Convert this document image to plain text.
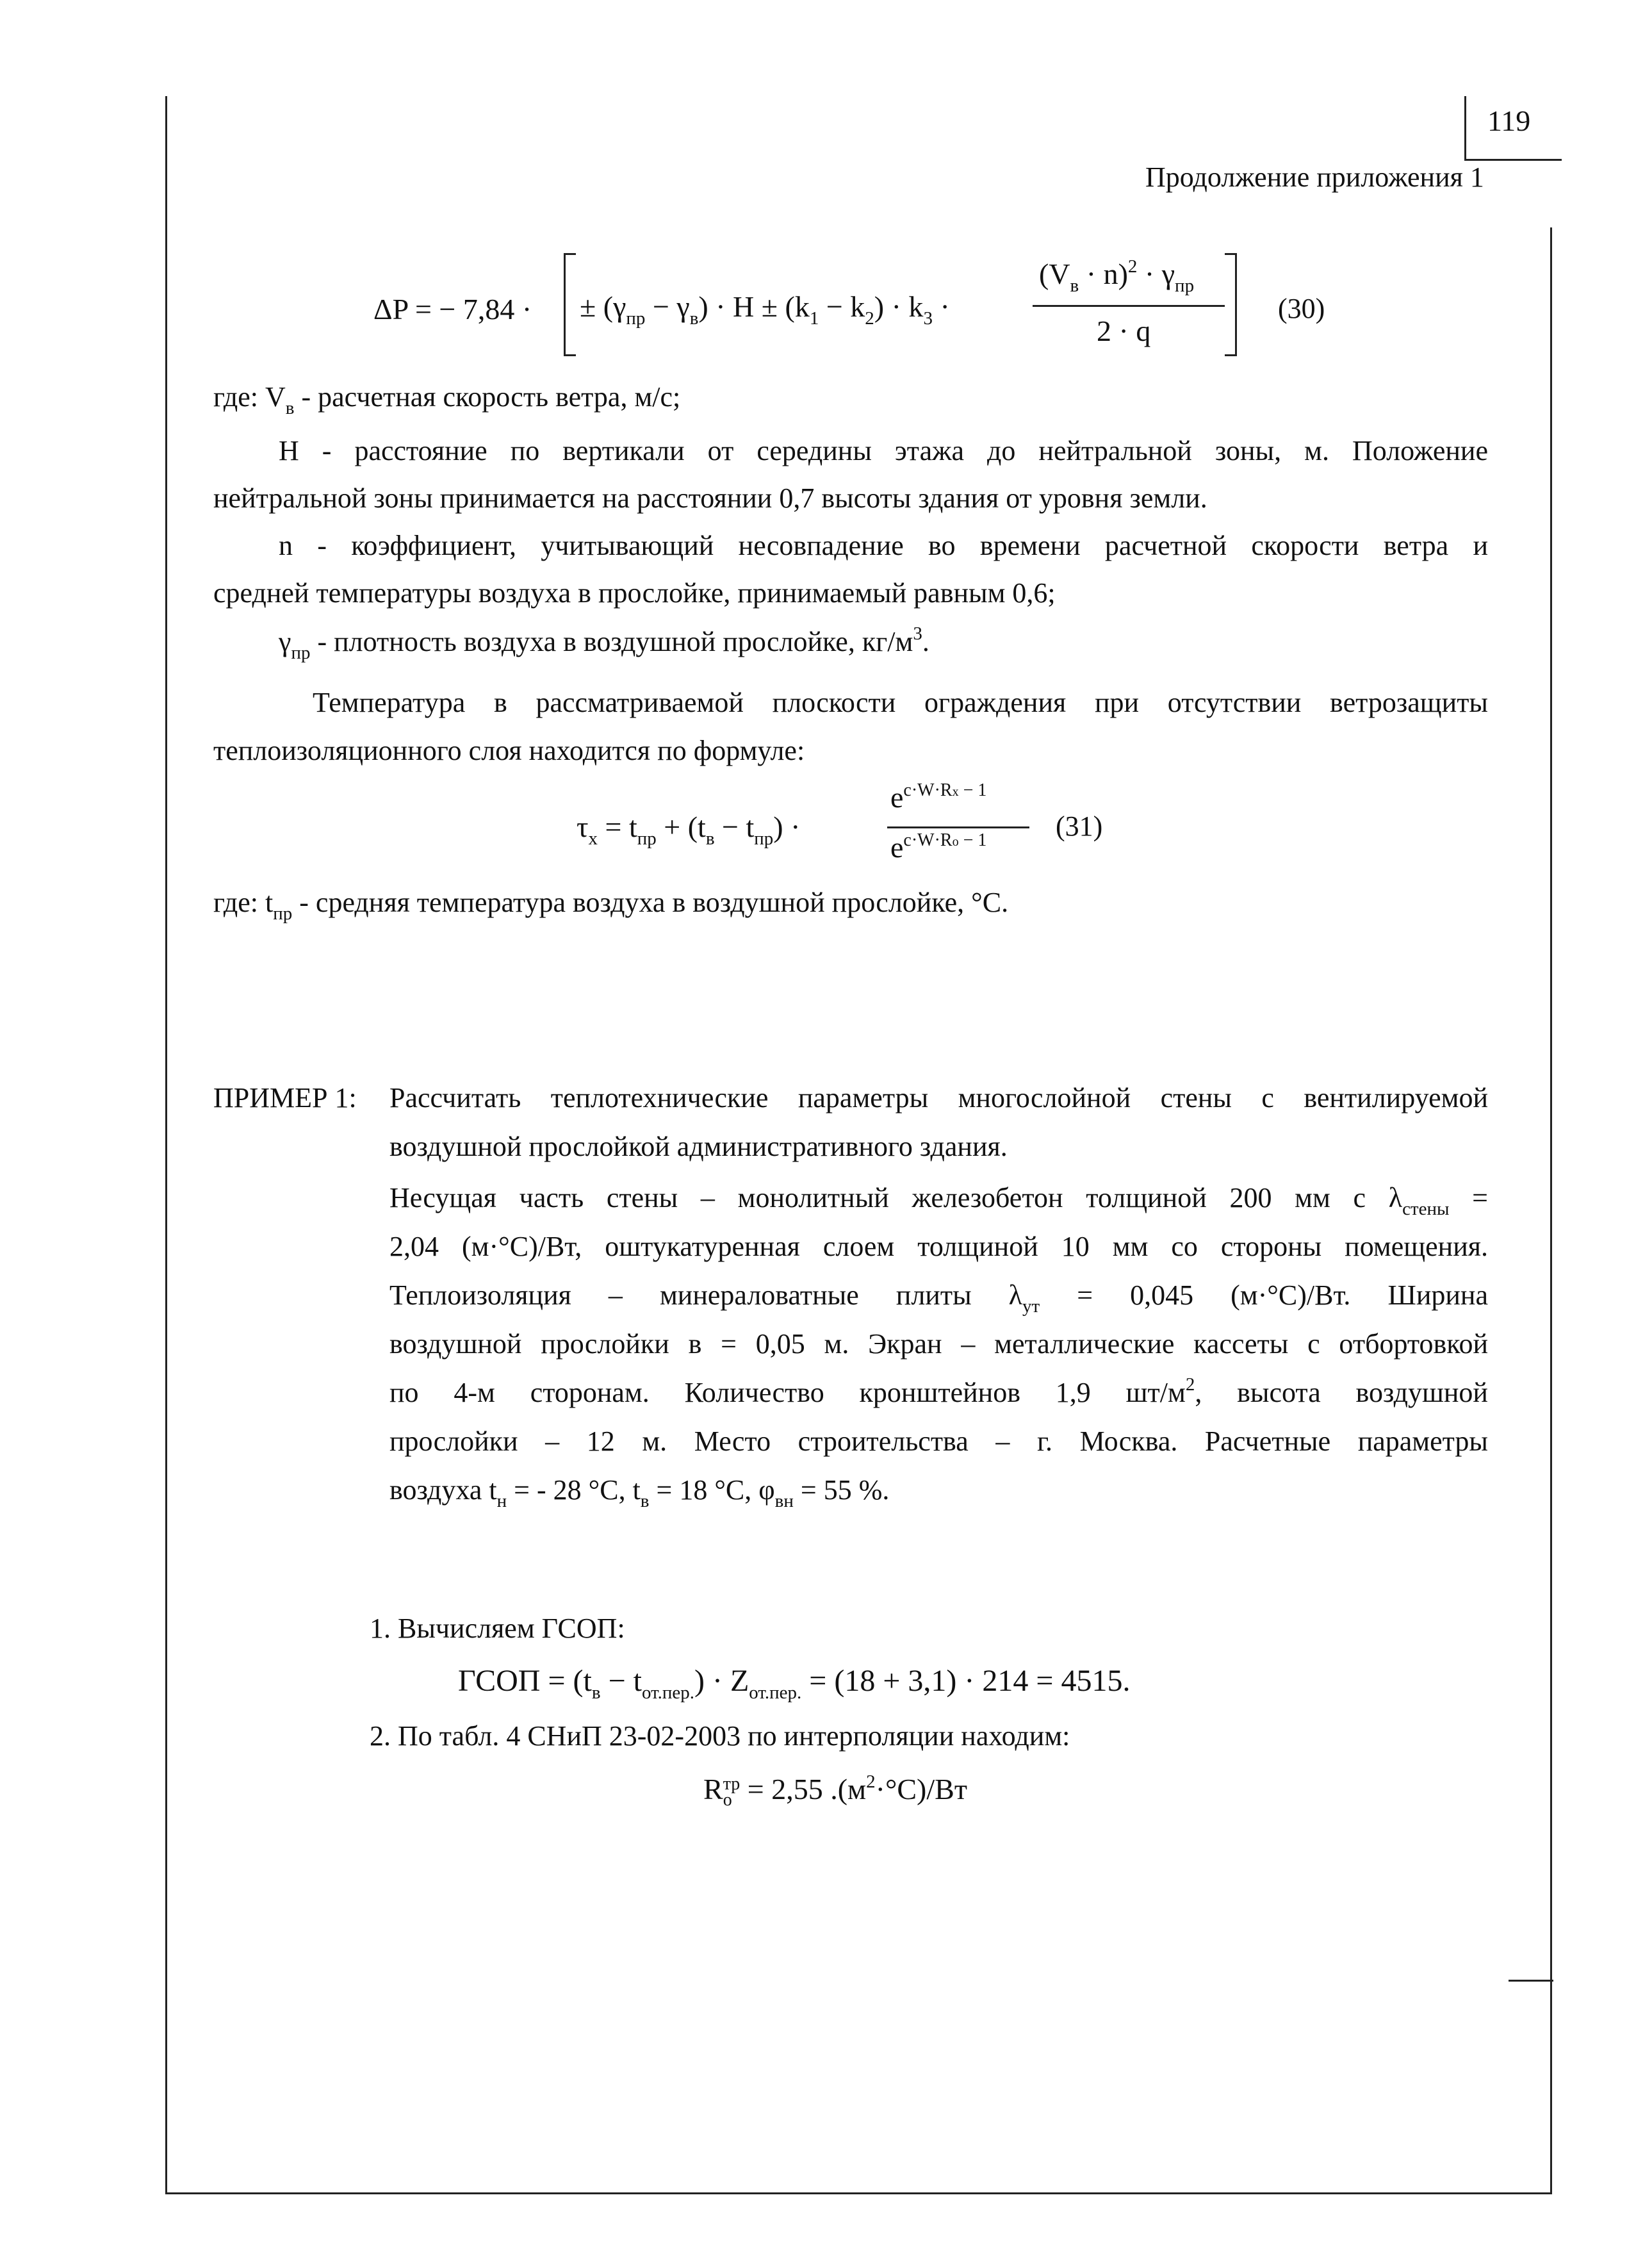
119
Продолжение приложения 1
ΔP = − 7,84 · ± $(\gamma_{пр} - \gamma_в) \cdot H \pm (k_1 - k_2) \cdot k_3$ ·
$(V_в \cdot n)^2 \cdot \gamma_{пр}$
2 · q
(30)
где: $V_в$ - расчетная скорость ветра, м/с;
H - расстояние по вертикали от середины этажа до нейтральной зоны, м. Положение
нейтральной зоны принимается на расстоянии 0,7 высоты здания от уровня земли.
n - коэффициент, учитывающий несовпадение во времени расчетной скорости ветра и
средней температуры воздуха в прослойке, принимаемый равным 0,6;
$\gamma_{пр}$ - плотность воздуха в воздушной прослойке, $кг/м^3$.
Температура в рассматриваемой плоскости ограждения при отсутствии ветрозащиты
теплоизоляционного слоя находится по формуле:
$\tau_x = t_{пр} + (t_в - t_{пр})$ ·
$e^{c\cdot W\cdot Rx - 1}$
$e^{c\cdot W\cdot Ro - 1}$ (31)
где: $t_{пр}$ - средняя температура воздуха в воздушной прослойке, °С.
ПРИМЕР 1: Рассчитать теплотехнические параметры многослойной стены с вентилируемой
воздушной прослойкой административного здания.
Несущая часть стены – монолитный железобетон толщиной 200 мм с $\lambda_{стены}$ =
2,04 (м·°С)/Вт, оштукатуренная слоем толщиной 10 мм со стороны помещения.
Теплоизоляция – минераловатные плиты $\lambda_{ут} = 0,045$ (м·°С)/Вт. Ширина
воздушной прослойки в = 0,05 м. Экран – металлические кассеты с отбортовкой
по 4-м сторонам. Количество кронштейнов 1,9 $шт/м^2$, высота воздушной
прослойки – 12 м. Место строительства – г. Москва. Расчетные параметры
воздуха $t_н$ = - 28 °С, $t_в = 18$ °С, $\varphi_{вн} = 55$ %.
1. Вычисляем ГСОП:
ГСОП = $(t_в - t_{от.пер.}) \cdot Z_{от.пер.} = (18 + 3,1) \cdot 214 = 4515$.
2. По табл. 4 СНиП 23-02-2003 по интерполяции находим:
R тр
о = 2,55 $.(м^2\cdot^\circ С)/Вт$
